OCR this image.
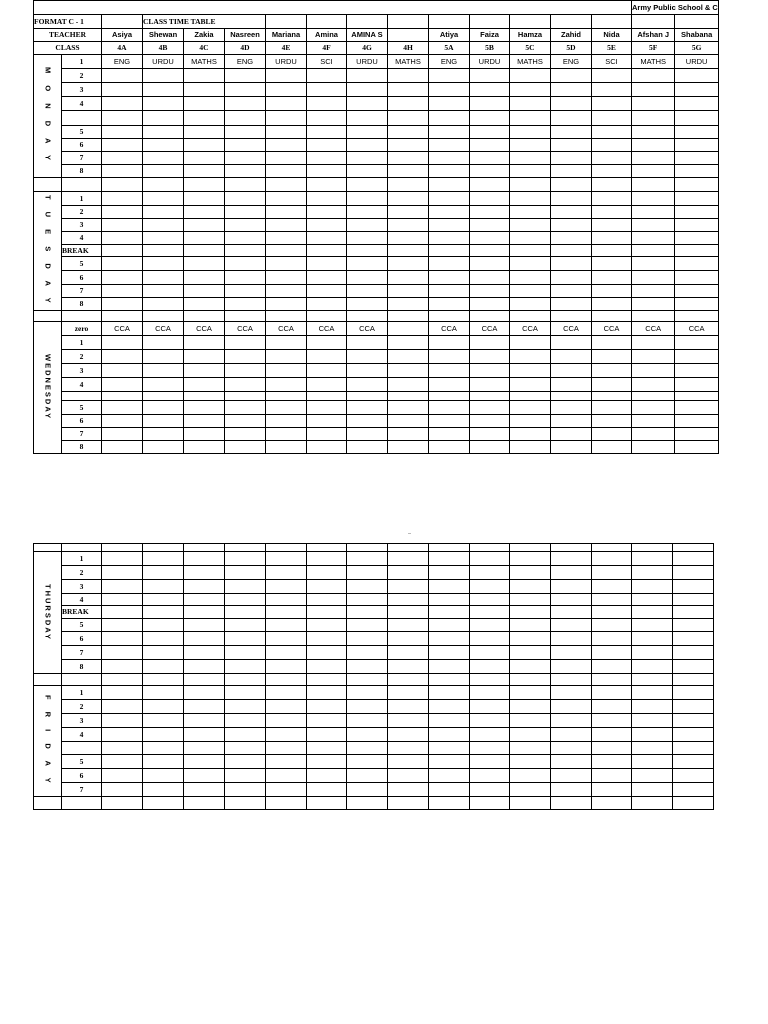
															Army Public School & C	
FORMAT C - 1			CLASS TIME TABLE													
TEACHER		Asiya	Shewan	Zakia	Nasreen	Mariana	Amina	AMINA S		Atiya	Faiza	Hamza	Zahid	Nida	Afshan J	Shabana
CLASS		4A	4B	4C	4D	4E	4F	4G	4H	5A	5B	5C	5D	5E	5F	5G
M O N D A Y	1	ENG	URDU	MATHS	ENG	URDU	SCI	URDU	MATHS	ENG	URDU	MATHS	ENG	SCI	MATHS	URDU
	2															
	3															
	4															

	5															
	6															
	7															
	8															

T U E S D A Y	1															
	2															
	3															
	4															
	BREAK															
	5															
	6															
	7															
	8															

WEDNESDAY	zero	CCA	CCA	CCA	CCA	CCA	CCA	CCA		CCA	CCA	CCA	CCA	CCA	CCA	CCA
	1															
	2															
	3															
	4															

	5															
	6															
	7															
	8															

THURSDAY	1															
	2															
	3															
	4															
	BREAK															
	5															
	6															
	7															
	8															

F R I D A Y	1															
	2															
	3															
	4															

	5															
	6															
	7															
